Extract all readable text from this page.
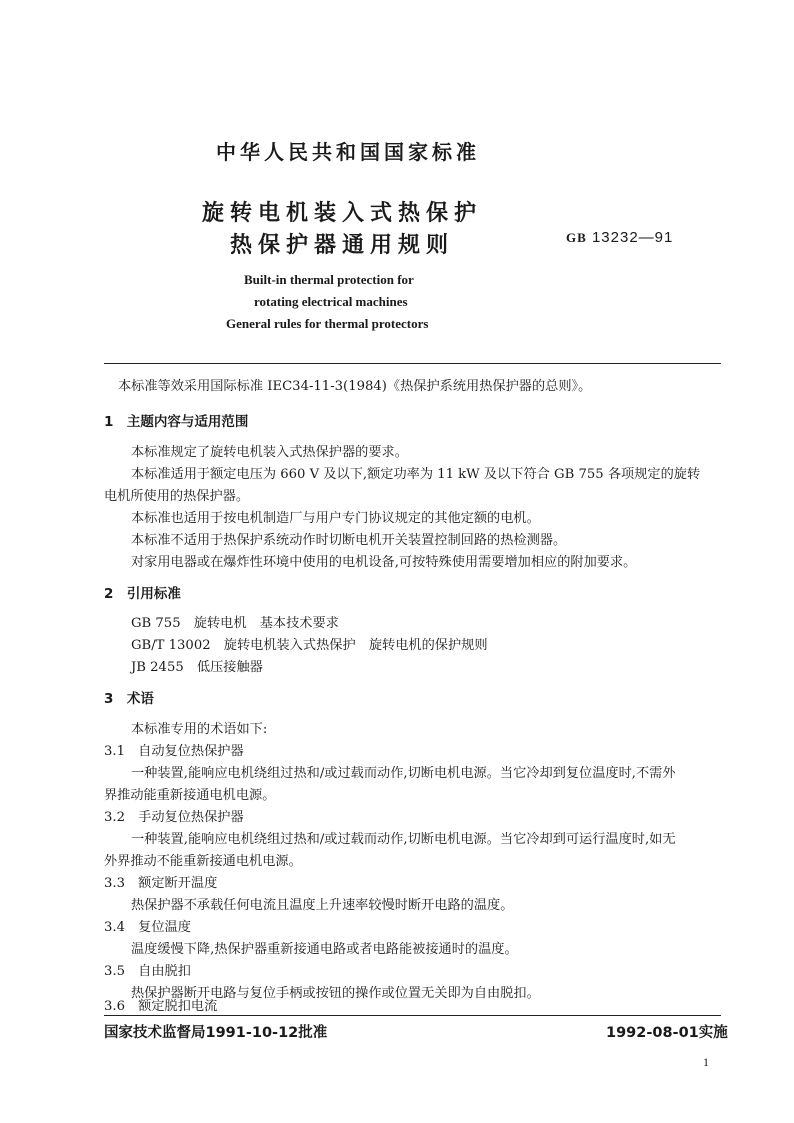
中华人民共和国国家标准
旋转电机装入式热保护
热保护器通用规则	GB 13232—91
Built-in thermal protection for
rotating electrical machines
General rules for thermal protectors
本标准等效采用国际标准 IEC34-11-3(1984)《热保护系统用热保护器的总则》。
1　主题内容与适用范围
本标准规定了旋转电机装入式热保护器的要求。
本标准适用于额定电压为 660 V 及以下,额定功率为 11 kW 及以下符合 GB 755 各项规定的旋转
电机所使用的热保护器。
本标准也适用于按电机制造厂与用户专门协议规定的其他定额的电机。
本标准不适用于热保护系统动作时切断电机开关装置控制回路的热检测器。
对家用电器或在爆炸性环境中使用的电机设备,可按特殊使用需要增加相应的附加要求。
2　引用标准
GB 755　旋转电机　基本技术要求
GB/T 13002　旋转电机装入式热保护　旋转电机的保护规则
JB 2455　低压接触器
3　术语
本标准专用的术语如下:
3.1　自动复位热保护器
一种装置,能响应电机绕组过热和/或过载而动作,切断电机电源。当它冷却到复位温度时,不需外
界推动能重新接通电机电源。
3.2　手动复位热保护器
一种装置,能响应电机绕组过热和/或过载而动作,切断电机电源。当它冷却到可运行温度时,如无
外界推动不能重新接通电机电源。
3.3　额定断开温度
热保护器不承载任何电流且温度上升速率较慢时断开电路的温度。
3.4　复位温度
温度缓慢下降,热保护器重新接通电路或者电路能被接通时的温度。
3.5　自由脱扣
热保护器断开电路与复位手柄或按钮的操作或位置无关即为自由脱扣。
3.6　额定脱扣电流
国家技术监督局1991-10-12批准	1992-08-01实施
1
